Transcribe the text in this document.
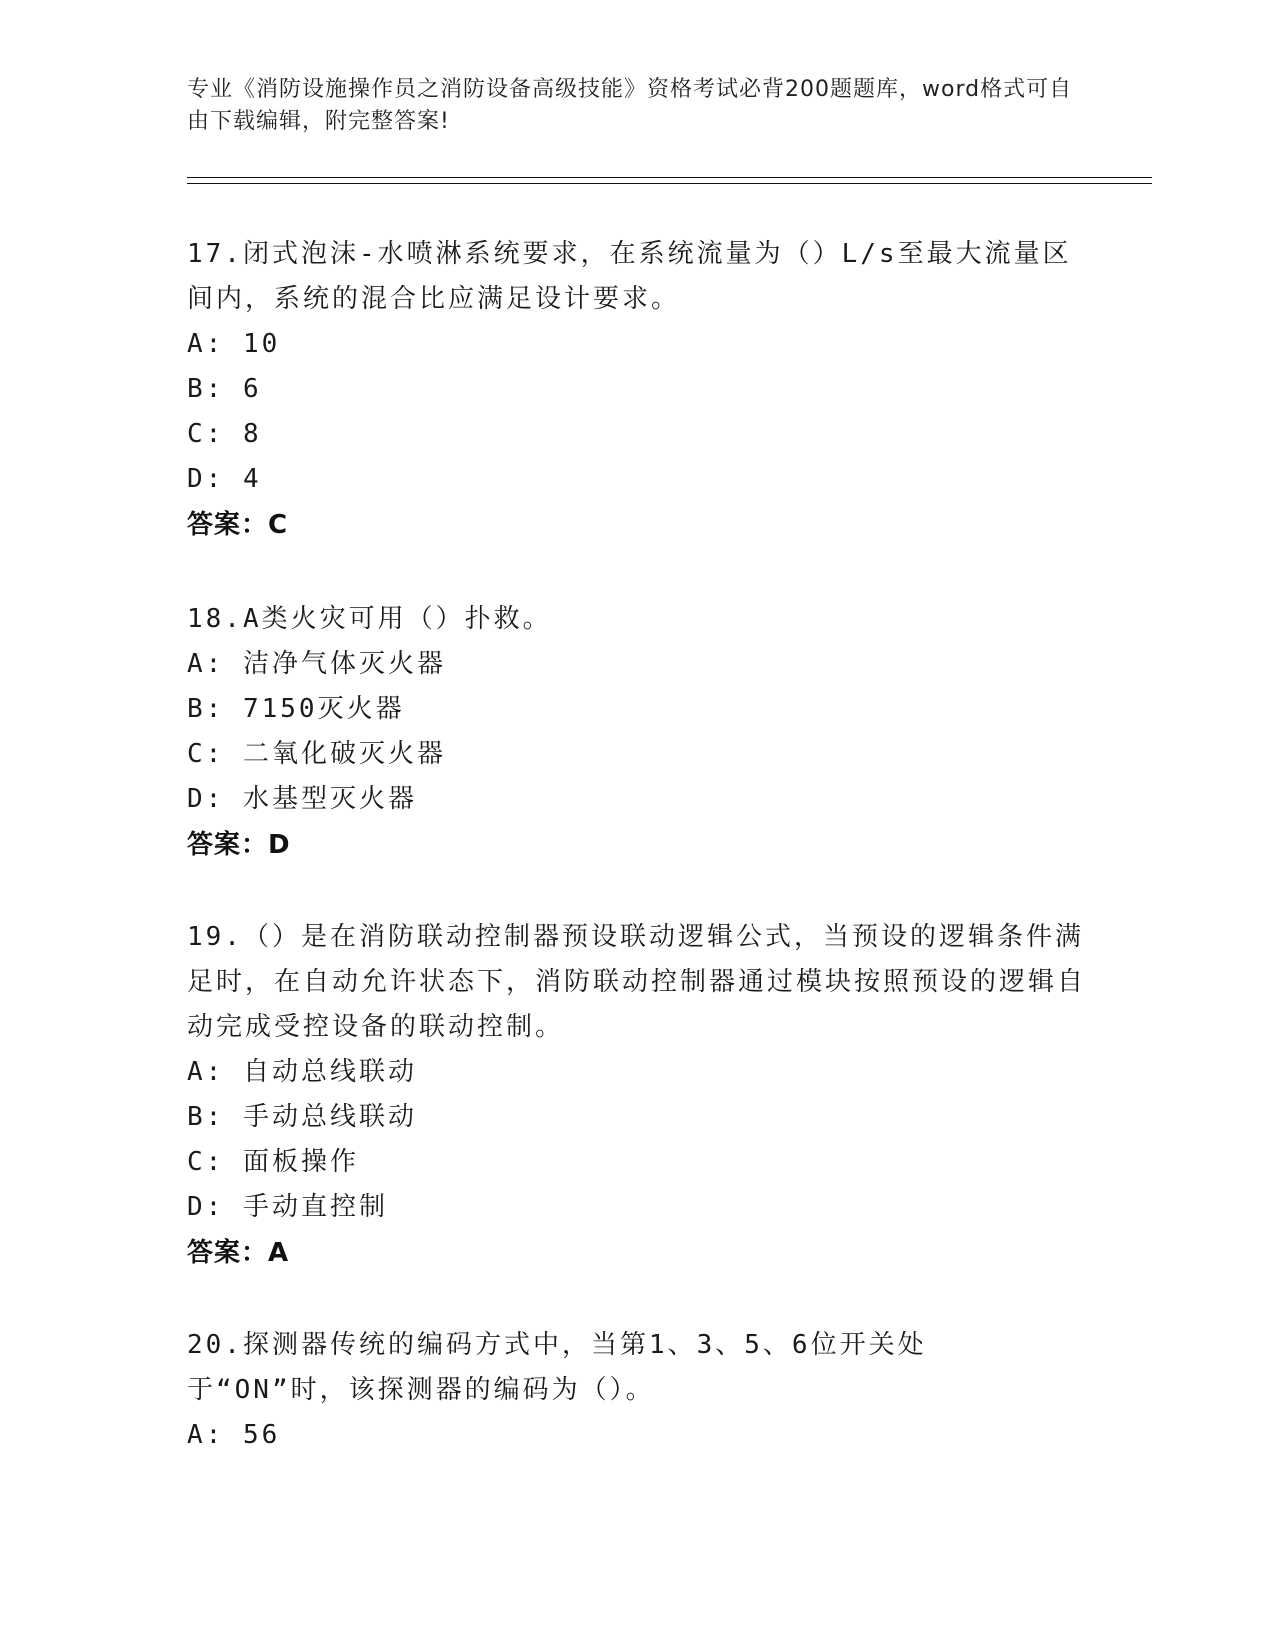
专业《消防设施操作员之消防设备高级技能》资格考试必背200题题库，word格式可自由下载编辑，附完整答案!

17.闭式泡沫-水喷淋系统要求，在系统流量为（）L/s至最大流量区间内，系统的混合比应满足设计要求。

A: 10
B: 6
C: 8
D: 4
答案：C

18.A类火灾可用（）扑救。

A: 洁净气体灭火器
B: 7150灭火器
C: 二氧化破灭火器
D: 水基型灭火器
答案：D

19.（）是在消防联动控制器预设联动逻辑公式，当预设的逻辑条件满足时，在自动允许状态下，消防联动控制器通过模块按照预设的逻辑自动完成受控设备的联动控制。

A: 自动总线联动
B: 手动总线联动
C: 面板操作
D: 手动直控制
答案：A

20.探测器传统的编码方式中，当第1、3、5、6位开关处于“ON”时，该探测器的编码为（）。

A: 56
